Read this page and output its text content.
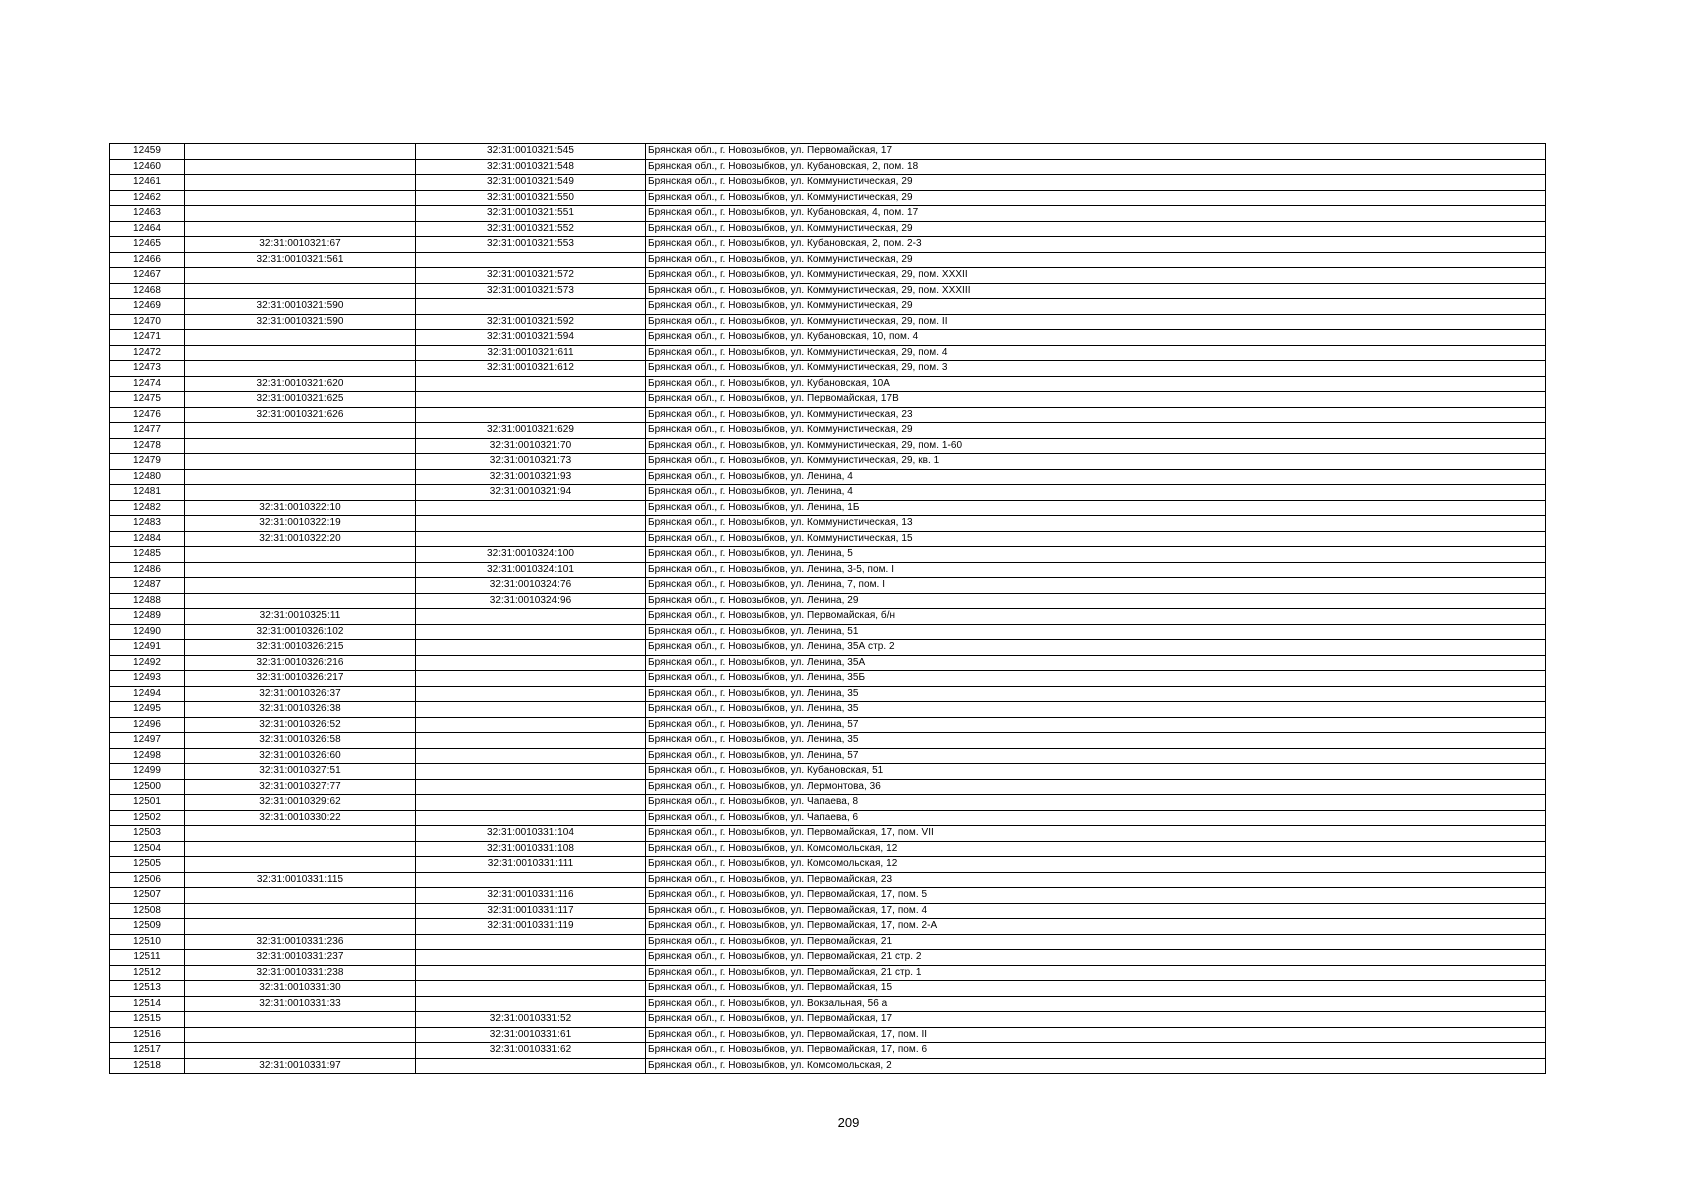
12459		32:31:0010321:545	Брянская обл., г. Новозыбков, ул. Первомайская, 17
12460		32:31:0010321:548	Брянская обл., г. Новозыбков, ул. Кубановская, 2, пом. 18
12461		32:31:0010321:549	Брянская обл., г. Новозыбков, ул. Коммунистическая, 29
12462		32:31:0010321:550	Брянская обл., г. Новозыбков, ул. Коммунистическая, 29
12463		32:31:0010321:551	Брянская обл., г. Новозыбков, ул. Кубановская, 4, пом. 17
12464		32:31:0010321:552	Брянская обл., г. Новозыбков, ул. Коммунистическая, 29
12465	32:31:0010321:67	32:31:0010321:553	Брянская обл., г. Новозыбков, ул. Кубановская, 2, пом. 2-3
12466	32:31:0010321:561		Брянская обл., г. Новозыбков, ул. Коммунистическая, 29
12467		32:31:0010321:572	Брянская обл., г. Новозыбков, ул. Коммунистическая, 29, пом. XXXII
12468		32:31:0010321:573	Брянская обл., г. Новозыбков, ул. Коммунистическая, 29, пом. XXXIII
12469	32:31:0010321:590		Брянская обл., г. Новозыбков, ул. Коммунистическая, 29
12470	32:31:0010321:590	32:31:0010321:592	Брянская обл., г. Новозыбков, ул. Коммунистическая, 29, пом. II
12471		32:31:0010321:594	Брянская обл., г. Новозыбков, ул. Кубановская, 10, пом. 4
12472		32:31:0010321:611	Брянская обл., г. Новозыбков, ул. Коммунистическая, 29, пом. 4
12473		32:31:0010321:612	Брянская обл., г. Новозыбков, ул. Коммунистическая, 29, пом. 3
12474	32:31:0010321:620		Брянская обл., г. Новозыбков, ул. Кубановская, 10А
12475	32:31:0010321:625		Брянская обл., г. Новозыбков, ул. Первомайская, 17В
12476	32:31:0010321:626		Брянская обл., г. Новозыбков, ул. Коммунистическая, 23
12477		32:31:0010321:629	Брянская обл., г. Новозыбков, ул. Коммунистическая, 29
12478		32:31:0010321:70	Брянская обл., г. Новозыбков, ул. Коммунистическая, 29, пом. 1-60
12479		32:31:0010321:73	Брянская обл., г. Новозыбков, ул. Коммунистическая, 29, кв. 1
12480		32:31:0010321:93	Брянская обл., г. Новозыбков, ул. Ленина, 4
12481		32:31:0010321:94	Брянская обл., г. Новозыбков, ул. Ленина, 4
12482	32:31:0010322:10		Брянская обл., г. Новозыбков, ул. Ленина, 1Б
12483	32:31:0010322:19		Брянская обл., г. Новозыбков, ул. Коммунистическая, 13
12484	32:31:0010322:20		Брянская обл., г. Новозыбков, ул. Коммунистическая, 15
12485		32:31:0010324:100	Брянская обл., г. Новозыбков, ул. Ленина, 5
12486		32:31:0010324:101	Брянская обл., г. Новозыбков, ул. Ленина, 3-5, пом. I
12487		32:31:0010324:76	Брянская обл., г. Новозыбков, ул. Ленина, 7, пом. I
12488		32:31:0010324:96	Брянская обл., г. Новозыбков, ул. Ленина, 29
12489	32:31:0010325:11		Брянская обл., г. Новозыбков, ул. Первомайская, б/н
12490	32:31:0010326:102		Брянская обл., г. Новозыбков, ул. Ленина, 51
12491	32:31:0010326:215		Брянская обл., г. Новозыбков, ул. Ленина, 35А стр. 2
12492	32:31:0010326:216		Брянская обл., г. Новозыбков, ул. Ленина, 35А
12493	32:31:0010326:217		Брянская обл., г. Новозыбков, ул. Ленина, 35Б
12494	32:31:0010326:37		Брянская обл., г. Новозыбков, ул. Ленина, 35
12495	32:31:0010326:38		Брянская обл., г. Новозыбков, ул. Ленина, 35
12496	32:31:0010326:52		Брянская обл., г. Новозыбков, ул. Ленина, 57
12497	32:31:0010326:58		Брянская обл., г. Новозыбков, ул. Ленина, 35
12498	32:31:0010326:60		Брянская обл., г. Новозыбков, ул. Ленина, 57
12499	32:31:0010327:51		Брянская обл., г. Новозыбков, ул. Кубановская, 51
12500	32:31:0010327:77		Брянская обл., г. Новозыбков, ул. Лермонтова, 36
12501	32:31:0010329:62		Брянская обл., г. Новозыбков, ул. Чапаева, 8
12502	32:31:0010330:22		Брянская обл., г. Новозыбков, ул. Чапаева, 6
12503		32:31:0010331:104	Брянская обл., г. Новозыбков, ул. Первомайская, 17, пом. VII
12504		32:31:0010331:108	Брянская обл., г. Новозыбков, ул. Комсомольская, 12
12505		32:31:0010331:111	Брянская обл., г. Новозыбков, ул. Комсомольская, 12
12506	32:31:0010331:115		Брянская обл., г. Новозыбков, ул. Первомайская, 23
12507		32:31:0010331:116	Брянская обл., г. Новозыбков, ул. Первомайская, 17, пом. 5
12508		32:31:0010331:117	Брянская обл., г. Новозыбков, ул. Первомайская, 17, пом. 4
12509		32:31:0010331:119	Брянская обл., г. Новозыбков, ул. Первомайская, 17, пом. 2-А
12510	32:31:0010331:236		Брянская обл., г. Новозыбков, ул. Первомайская, 21
12511	32:31:0010331:237		Брянская обл., г. Новозыбков, ул. Первомайская, 21 стр. 2
12512	32:31:0010331:238		Брянская обл., г. Новозыбков, ул. Первомайская, 21 стр. 1
12513	32:31:0010331:30		Брянская обл., г. Новозыбков, ул. Первомайская, 15
12514	32:31:0010331:33		Брянская обл., г. Новозыбков, ул. Вокзальная, 56 а
12515		32:31:0010331:52	Брянская обл., г. Новозыбков, ул. Первомайская, 17
12516		32:31:0010331:61	Брянская обл., г. Новозыбков, ул. Первомайская, 17, пом. II
12517		32:31:0010331:62	Брянская обл., г. Новозыбков, ул. Первомайская, 17, пом. 6
12518	32:31:0010331:97		Брянская обл., г. Новозыбков, ул. Комсомольская, 2
209
